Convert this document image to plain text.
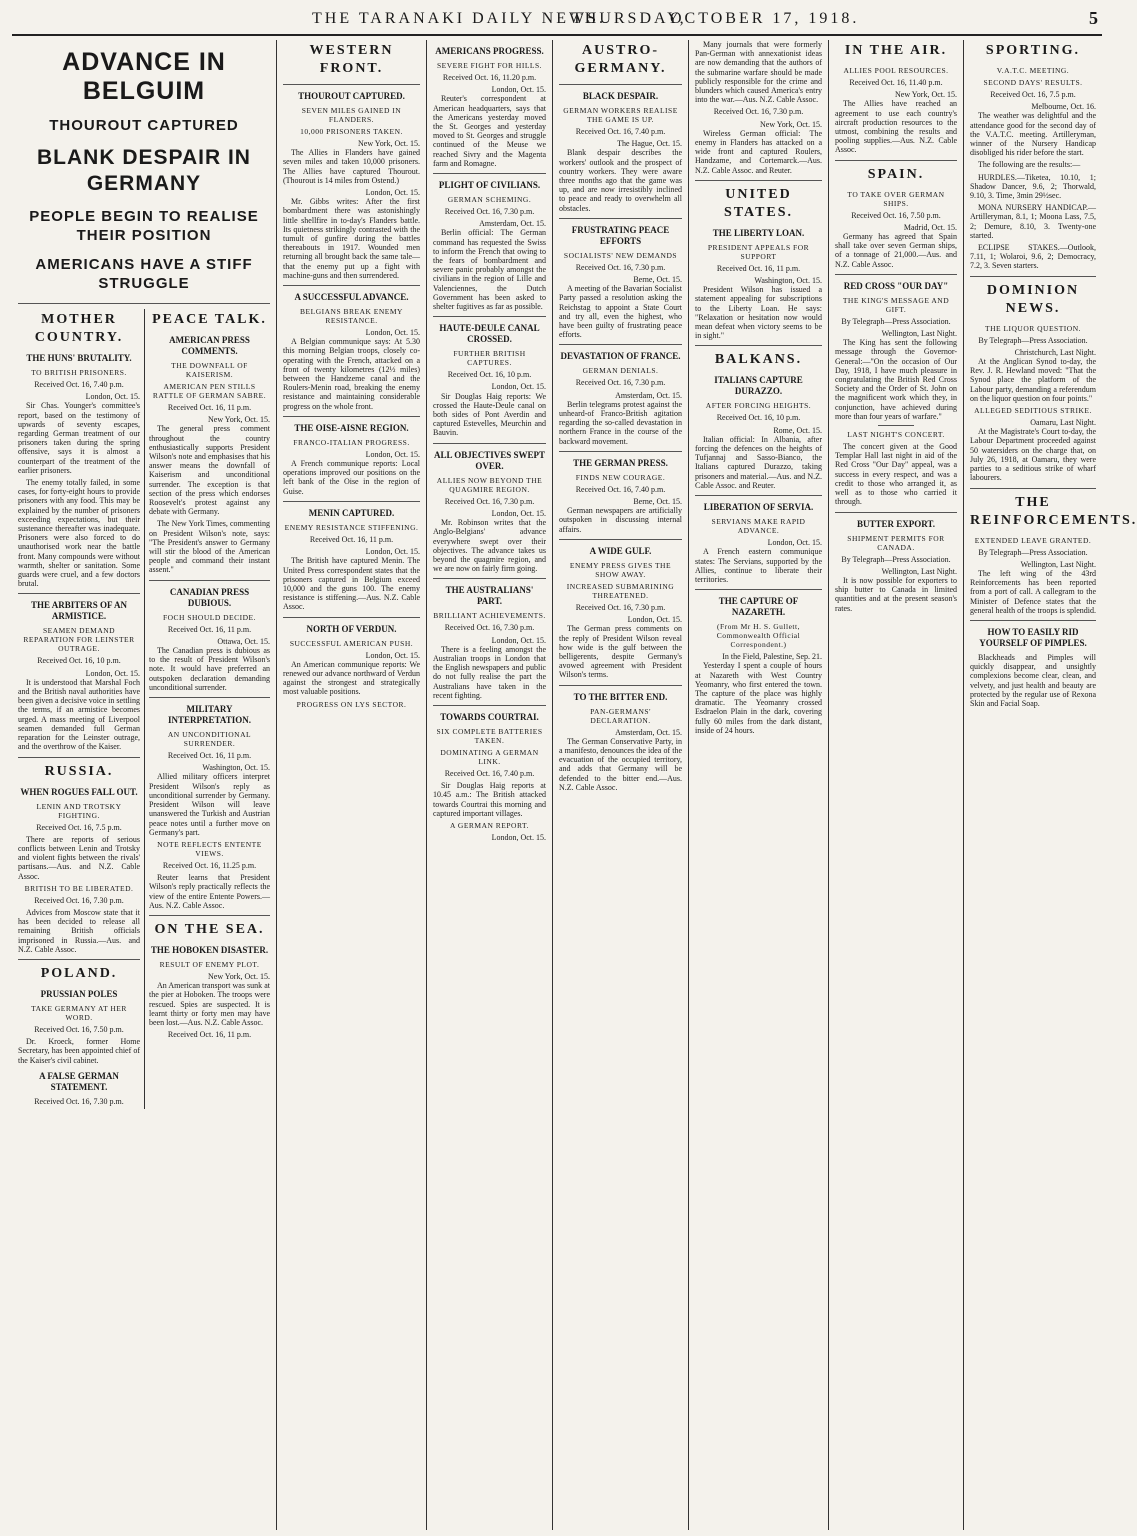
THE TARANAKI DAILY NEWS.
THURSDAY,
OCTOBER 17, 1918.	5
ADVANCE IN BELGUIM
THOUROUT CAPTURED
BLANK DESPAIR IN GERMANY
PEOPLE BEGIN TO REALISE THEIR POSITION
AMERICANS HAVE A STIFF STRUGGLE
MOTHER COUNTRY.
THE HUNS' BRUTALITY.
TO BRITISH PRISONERS.
Received Oct. 16, 7.40 p.m.
London, Oct. 15.

Sir Chas. Younger's committee's report, based on the testimony of upwards of seventy escapes, regarding German treatment of our prisoners taken during the spring offensive, says it is almost a counterpart of the treatment of the earlier prisoners.

The enemy totally failed, in some cases, for forty-eight hours to provide prisoners with any food. This may be explained by the number of prisoners exceeding expectations, but their sustenance thereafter was inadequate. Prisoners were also forced to do unauthorised work near the battle front. Many compounds were without warmth, shelter or sanitation. Some guards were cruel, and a few doctors brutal.

THE ARBITERS OF AN ARMISTICE.
SEAMEN DEMAND REPARATION FOR LEINSTER OUTRAGE.
Received Oct. 16, 10 p.m.
London, Oct. 15.

It is understood that Marshal Foch and the British naval authorities have been given a decisive voice in settling the terms, if an armistice becomes urged. A mass meeting of Liverpool seamen demanded full German reparation for the Leinster outrage, and the overthrow of the Kaiser.

RUSSIA.
WHEN ROGUES FALL OUT.
LENIN AND TROTSKY FIGHTING.
Received Oct. 16, 7.5 p.m.

There are reports of serious conflicts between Lenin and Trotsky and violent fights between the rivals' partisans.—Aus. and N.Z. Cable Assoc.

BRITISH TO BE LIBERATED.
Received Oct. 16, 7.30 p.m.

Advices from Moscow state that it has been decided to release all remaining British officials imprisoned in Russia.—Aus. and N.Z. Cable Assoc.

POLAND.
PRUSSIAN POLES
TAKE GERMANY AT HER WORD.
Received Oct. 16, 7.50 p.m.

Dr. Kroeck, former Home Secretary, has been appointed chief of the Kaiser's civil cabinet.

A FALSE GERMAN STATEMENT.
Received Oct. 16, 7.30 p.m.
PEACE TALK.
AMERICAN PRESS COMMENTS.
THE DOWNFALL OF KAISERISM.
AMERICAN PEN STILLS RATTLE OF GERMAN SABRE.
Received Oct. 16, 11 p.m.
New York, Oct. 15.

The general press comment throughout the country enthusiastically supports President Wilson's note and emphasises that his answer means the downfall of Kaiserism and unconditional surrender. The exception is that section of the press which endorses Roosevelt's protest against any debate with Germany.

The New York Times, commenting on President Wilson's note, says: "The President's answer to Germany will stir the blood of the American people and command their instant assent."

CANADIAN PRESS DUBIOUS.
FOCH SHOULD DECIDE.
Received Oct. 16, 11 p.m.
Ottawa, Oct. 15.

The Canadian press is dubious as to the result of President Wilson's note. It would have preferred an outspoken declaration demanding unconditional surrender.

MILITARY INTERPRETATION.
AN UNCONDITIONAL SURRENDER.
Received Oct. 16, 11 p.m.
Washington, Oct. 15.

Allied military officers interpret President Wilson's reply as unconditional surrender by Germany. President Wilson will leave unanswered the Turkish and Austrian peace notes until a further move on Germany's part.

NOTE REFLECTS ENTENTE VIEWS.
Received Oct. 16, 11.25 p.m.

Reuter learns that President Wilson's reply practically reflects the view of the entire Entente Powers.—Aus. N.Z. Cable Assoc.

ON THE SEA.
THE HOBOKEN DISASTER.
RESULT OF ENEMY PLOT.
New York, Oct. 15.

An American transport was sunk at the pier at Hoboken. The troops were rescued. Spies are suspected. It is learnt thirty or forty men may have been lost.—Aus. N.Z. Cable Assoc.

Received Oct. 16, 11 p.m.
WESTERN FRONT.
THOUROUT CAPTURED.
SEVEN MILES GAINED IN FLANDERS.
10,000 PRISONERS TAKEN.
New York, Oct. 15.

The Allies in Flanders have gained seven miles and taken 10,000 prisoners. The Allies have captured Thourout. (Thourout is 14 miles from Ostend.)

London, Oct. 15.

Mr. Gibbs writes: After the first bombardment there was astonishingly little shellfire in to-day's Flanders battle. Its quietness strikingly contrasted with the tumult of gunfire during the battles thereabouts in 1917. Wounded men returning all brought back the same tale—that the enemy put up a fight with machine-guns and then surrendered.

A SUCCESSFUL ADVANCE.
BELGIANS BREAK ENEMY RESISTANCE.
London, Oct. 15.

A Belgian communique says: At 5.30 this morning Belgian troops, closely co-operating with the French, attacked on a front of twenty kilometres (12½ miles) between the Handzeme canal and the Roulers-Menin road, breaking the enemy resistance and maintaining considerable progress on the whole front.

THE OISE-AISNE REGION.
FRANCO-ITALIAN PROGRESS.
London, Oct. 15.

A French communique reports: Local operations improved our positions on the left bank of the Oise in the region of Guise.

MENIN CAPTURED.
ENEMY RESISTANCE STIFFENING.
Received Oct. 16, 11 p.m.
London, Oct. 15.

The British have captured Menin. The United Press correspondent states that the prisoners captured in Belgium exceed 10,000 and the guns 100. The enemy resistance is stiffening.—Aus. N.Z. Cable Assoc.

NORTH OF VERDUN.
SUCCESSFUL AMERICAN PUSH.
London, Oct. 15.

An American communique reports: We renewed our advance northward of Verdun against the strongest and strategically most valuable positions.

PROGRESS ON LYS SECTOR.
AMERICANS PROGRESS.
SEVERE FIGHT FOR HILLS.
Received Oct. 16, 11.20 p.m.
London, Oct. 15.

Reuter's correspondent at American headquarters, says that the Americans yesterday moved the St. Georges and yesterday moved to St. Georges and struggle continued of the Meuse we reached Sivry and the Magenta farm and Romagne.

PLIGHT OF CIVILIANS.
GERMAN SCHEMING.
Received Oct. 16, 7.30 p.m.
Amsterdam, Oct. 15.

Berlin official: The German command has requested the Swiss to inform the French that owing to the fears of bombardment and severe panic probably amongst the civilians in the region of Lille and Valenciennes, the Dutch Government has been asked to shelter fugitives as far as possible.

HAUTE-DEULE CANAL CROSSED.
FURTHER BRITISH CAPTURES.
Received Oct. 16, 10 p.m.
London, Oct. 15.

Sir Douglas Haig reports: We crossed the Haute-Deule canal on both sides of Pont Averdin and captured Estevelles, Meurchin and Bauvin.

ALL OBJECTIVES SWEPT OVER.
ALLIES NOW BEYOND THE QUAGMIRE REGION.
Received Oct. 16, 7.30 p.m.
London, Oct. 15.

Mr. Robinson writes that the Anglo-Belgians' advance everywhere swept over their objectives. The advance takes us beyond the quagmire region, and we are now on fairly firm going.

THE AUSTRALIANS' PART.
BRILLIANT ACHIEVEMENTS.
Received Oct. 16, 7.30 p.m.
London, Oct. 15.

There is a feeling amongst the Australian troops in London that the English newspapers and public do not fully realise the part the Australians have taken in the recent fighting.

TOWARDS COURTRAI.
SIX COMPLETE BATTERIES TAKEN.
DOMINATING A GERMAN LINK.
Received Oct. 16, 7.40 p.m.

Sir Douglas Haig reports at 10.45 a.m.: The British attacked towards Courtrai this morning and captured important villages.

A GERMAN REPORT.
London, Oct. 15.
AUSTRO-GERMANY.
BLACK DESPAIR.
GERMAN WORKERS REALISE THE GAME IS UP.
Received Oct. 16, 7.40 p.m.
The Hague, Oct. 15.

Blank despair describes the workers' outlook and the prospect of country workers. They were aware three months ago that the game was up, and are now irresistibly inclined to peace and ready to overwhelm all obstacles.

FRUSTRATING PEACE EFFORTS
SOCIALISTS' NEW DEMANDS
Received Oct. 16, 7.30 p.m.
Berne, Oct. 15.

A meeting of the Bavarian Socialist Party passed a resolution asking the Reichstag to appoint a State Court and try all, even the highest, who have been guilty of frustrating peace efforts.

DEVASTATION OF FRANCE.
GERMAN DENIALS.
Received Oct. 16, 7.30 p.m.
Amsterdam, Oct. 15.

Berlin telegrams protest against the unheard-of Franco-British agitation regarding the so-called devastation in northern France in the course of the backward movement.

THE GERMAN PRESS.
FINDS NEW COURAGE.
Received Oct. 16, 7.40 p.m.
Berne, Oct. 15.

German newspapers are artificially outspoken in discussing internal affairs.

A WIDE GULF.
ENEMY PRESS GIVES THE SHOW AWAY.
INCREASED SUBMARINING THREATENED.
Received Oct. 16, 7.30 p.m.
London, Oct. 15.

The German press comments on the reply of President Wilson reveal how wide is the gulf between the belligerents, despite Germany's avowed agreement with President Wilson's terms.

TO THE BITTER END.
PAN-GERMANS' DECLARATION.
Amsterdam, Oct. 15.

The German Conservative Party, in a manifesto, denounces the idea of the evacuation of the occupied territory, and adds that Germany will be defended to the bitter end.—Aus. N.Z. Cable Assoc.

Many journals that were formerly Pan-German with annexationist ideas are now demanding that the authors of the submarine warfare should be made publicly responsible for the crime and blunders which caused America's entry into the war.—Aus. N.Z. Cable Assoc.

Received Oct. 16, 7.30 p.m.
New York, Oct. 15.

Wireless German official: The enemy in Flanders has attacked on a wide front and captured Roulers, Handzame, and Cortemarck.—Aus. N.Z. Cable Assoc. and Reuter.

UNITED STATES.
THE LIBERTY LOAN.
PRESIDENT APPEALS FOR SUPPORT
Received Oct. 16, 11 p.m.
Washington, Oct. 15.

President Wilson has issued a statement appealing for subscriptions to the Liberty Loan. He says: "Relaxation or hesitation now would mean defeat when victory seems to be in sight."

BALKANS.
ITALIANS CAPTURE DURAZZO.
AFTER FORCING HEIGHTS.
Received Oct. 16, 10 p.m.
Rome, Oct. 15.

Italian official: In Albania, after forcing the defences on the heights of Tufjannaj and Sasso-Bianco, the Italians captured Durazzo, taking prisoners and material.—Aus. and N.Z. Cable Assoc. and Reuter.

LIBERATION OF SERVIA.
SERVIANS MAKE RAPID ADVANCE.
London, Oct. 15.

A French eastern communique states: The Servians, supported by the Allies, continue to liberate their territories.

THE CAPTURE OF NAZARETH.
(From Mr H. S. Gullett, Commonwealth Official Correspondent.)
In the Field, Palestine, Sep. 21.

Yesterday I spent a couple of hours at Nazareth with West Country Yeomanry, who first entered the town. The capture of the place was highly dramatic. The Yeomanry crossed Esdraelon Plain in the dark, covering fully 60 miles from the dark distant, inside of 24 hours.

IN THE AIR.
ALLIES POOL RESOURCES.
Received Oct. 16, 11.40 p.m.
New York, Oct. 15.

The Allies have reached an agreement to use each country's aircraft production resources to the utmost, combining the results and pooling supplies.—Aus. N.Z. Cable Assoc.

SPAIN.
TO TAKE OVER GERMAN SHIPS.
Received Oct. 16, 7.50 p.m.
Madrid, Oct. 15.

Germany has agreed that Spain shall take over seven German ships, of a tonnage of 21,000.—Aus. and N.Z. Cable Assoc.

RED CROSS "OUR DAY"
THE KING'S MESSAGE AND GIFT.
By Telegraph—Press Association.
Wellington, Last Night.

The King has sent the following message through the Governor-General:—"On the occasion of Our Day, 1918, I have much pleasure in congratulating the British Red Cross Society and the Order of St. John on the magnificent work which they, in conjunction, have achieved during more than four years of warfare."

LAST NIGHT'S CONCERT.

The concert given at the Good Templar Hall last night in aid of the Red Cross "Our Day" appeal, was a success in every respect, and was a credit to those who arranged it, as well as to those who carried it through.

BUTTER EXPORT.
SHIPMENT PERMITS FOR CANADA.
By Telegraph—Press Association.
Wellington, Last Night.

It is now possible for exporters to ship butter to Canada in limited quantities and at the present season's rates.

SPORTING.
V.A.T.C. MEETING.
SECOND DAYS' RESULTS.
Received Oct. 16, 7.5 p.m.
Melbourne, Oct. 16.

The weather was delightful and the attendance good for the second day of the V.A.T.C. meeting. Artilleryman, winner of the Nursery Handicap disobliged his rider before the start.

The following are the results:—

HURDLES.—Tiketea, 10.10, 1; Shadow Dancer, 9.6, 2; Thorwald, 9.10, 3. Time, 3min 29½sec.

MONA NURSERY HANDICAP.—Artilleryman, 8.1, 1; Moona Lass, 7.5, 2; Demure, 8.10, 3. Twenty-one started.

ECLIPSE STAKES.—Outlook, 7.11, 1; Wolaroi, 9.6, 2; Democracy, 7.2, 3. Seven starters.

DOMINION NEWS.
THE LIQUOR QUESTION.
By Telegraph—Press Association.
Christchurch, Last Night.

At the Anglican Synod to-day, the Rev. J. R. Hewland moved: "That the Synod place the platform of the Labour party, demanding a referendum on the liquor question on four points."

ALLEGED SEDITIOUS STRIKE.
Oamaru, Last Night.

At the Magistrate's Court to-day, the Labour Department proceeded against 50 watersiders on the charge that, on July 26, 1918, at Oamaru, they were parties to a seditious strike of wharf labourers.

THE REINFORCEMENTS.
EXTENDED LEAVE GRANTED.
By Telegraph—Press Association.
Wellington, Last Night.

The left wing of the 43rd Reinforcements has been reported from a port of call. A callegram to the Minister of Defence states that the general health of the troops is splendid.

HOW TO EASILY RID YOURSELF OF PIMPLES.

Blackheads and Pimples will quickly disappear, and unsightly complexions become clear, clean, and velvety, and just health and beauty are protected by the regular use of Rexona Skin and Facial Soap.
